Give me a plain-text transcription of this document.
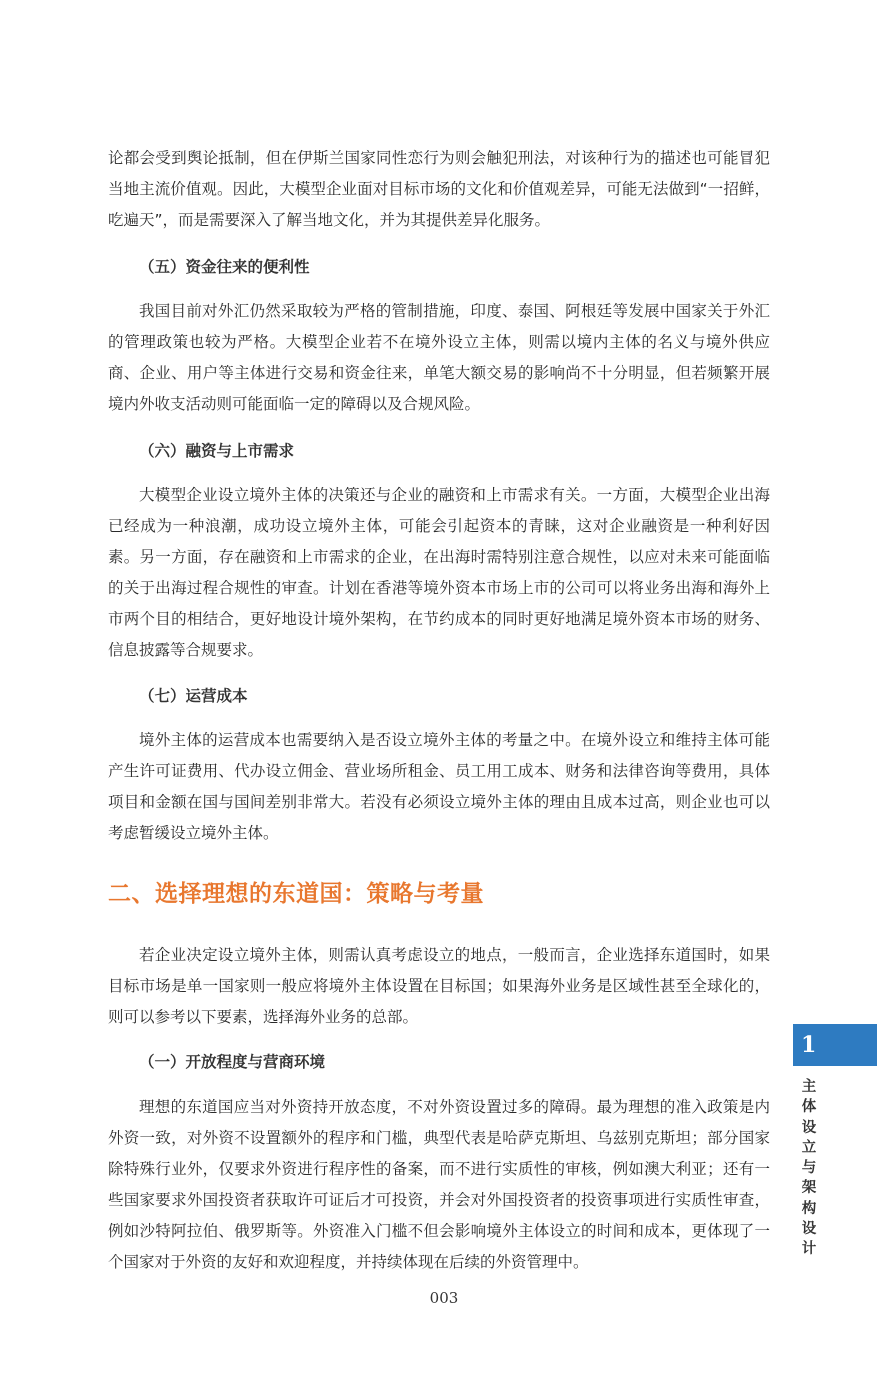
论都会受到舆论抵制，但在伊斯兰国家同性恋行为则会触犯刑法，对该种行为的描述也可能冒犯当地主流价值观。因此，大模型企业面对目标市场的文化和价值观差异，可能无法做到“一招鲜，吃遍天”，而是需要深入了解当地文化，并为其提供差异化服务。

（五）资金往来的便利性

我国目前对外汇仍然采取较为严格的管制措施，印度、泰国、阿根廷等发展中国家关于外汇的管理政策也较为严格。大模型企业若不在境外设立主体，则需以境内主体的名义与境外供应商、企业、用户等主体进行交易和资金往来，单笔大额交易的影响尚不十分明显，但若频繁开展境内外收支活动则可能面临一定的障碍以及合规风险。

（六）融资与上市需求

大模型企业设立境外主体的决策还与企业的融资和上市需求有关。一方面，大模型企业出海已经成为一种浪潮，成功设立境外主体，可能会引起资本的青睐，这对企业融资是一种利好因素。另一方面，存在融资和上市需求的企业，在出海时需特别注意合规性，以应对未来可能面临的关于出海过程合规性的审查。计划在香港等境外资本市场上市的公司可以将业务出海和海外上市两个目的相结合，更好地设计境外架构，在节约成本的同时更好地满足境外资本市场的财务、信息披露等合规要求。

（七）运营成本

境外主体的运营成本也需要纳入是否设立境外主体的考量之中。在境外设立和维持主体可能产生许可证费用、代办设立佣金、营业场所租金、员工用工成本、财务和法律咨询等费用，具体项目和金额在国与国间差别非常大。若没有必须设立境外主体的理由且成本过高，则企业也可以考虑暂缓设立境外主体。

二、选择理想的东道国：策略与考量

若企业决定设立境外主体，则需认真考虑设立的地点，一般而言，企业选择东道国时，如果目标市场是单一国家则一般应将境外主体设置在目标国；如果海外业务是区域性甚至全球化的，则可以参考以下要素，选择海外业务的总部。

（一）开放程度与营商环境

理想的东道国应当对外资持开放态度，不对外资设置过多的障碍。最为理想的准入政策是内外资一致，对外资不设置额外的程序和门槛，典型代表是哈萨克斯坦、乌兹别克斯坦；部分国家除特殊行业外，仅要求外资进行程序性的备案，而不进行实质性的审核，例如澳大利亚；还有一些国家要求外国投资者获取许可证后才可投资，并会对外国投资者的投资事项进行实质性审查，例如沙特阿拉伯、俄罗斯等。外资准入门槛不但会影响境外主体设立的时间和成本，更体现了一个国家对于外资的友好和欢迎程度，并持续体现在后续的外资管理中。

003
1
主体设立与架构设计
